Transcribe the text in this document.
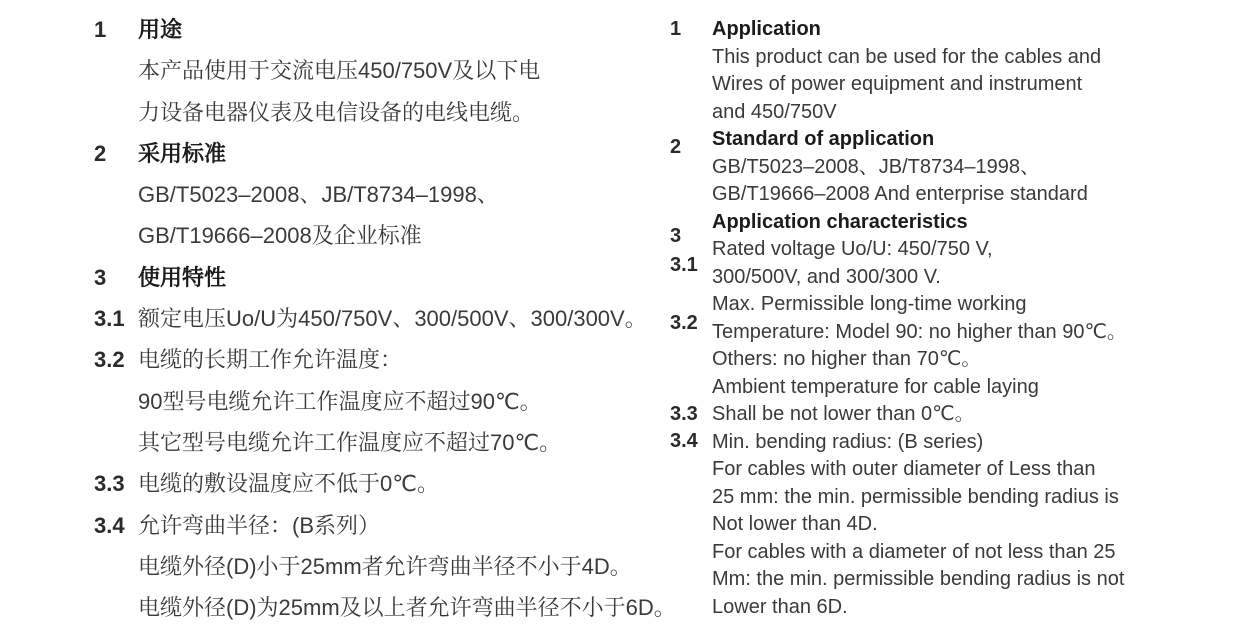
1 用途
本产品使用于交流电压450/750V及以下电
力设备电器仪表及电信设备的电线电缆。
2 采用标准
GB/T5023–2008、JB/T8734–1998、
GB/T19666–2008及企业标准
3 使用特性
3.1 额定电压Uo/U为450/750V、300/500V、300/300V。
3.2 电缆的长期工作允许温度：
90型号电缆允许工作温度应不超过90℃。
其它型号电缆允许工作温度应不超过70℃。
3.3 电缆的敷设温度应不低于0℃。
3.4 允许弯曲半径：(B系列）
电缆外径(D)小于25mm者允许弯曲半径不小于4D。
电缆外径(D)为25mm及以上者允许弯曲半径不小于6D。
1
2
3
3.1
3.2
3.3
3.4
Application
This product can be used for the cables and
Wires of power equipment and instrument
and 450/750V
Standard of application
GB/T5023–2008、JB/T8734–1998、
GB/T19666–2008 And enterprise standard
Application characteristics
Rated voltage Uo/U: 450/750 V,
300/500V, and 300/300 V.
Max. Permissible long-time working
Temperature: Model 90: no higher than 90℃。
Others: no higher than 70℃。
Ambient temperature for cable laying
Shall be not lower than 0℃。
Min. bending radius: (B series)
For cables with outer diameter of Less than
25 mm: the min. permissible bending radius is
Not lower than 4D.
For cables with a diameter of not less than 25
Mm: the min. permissible bending radius is not
Lower than 6D.
